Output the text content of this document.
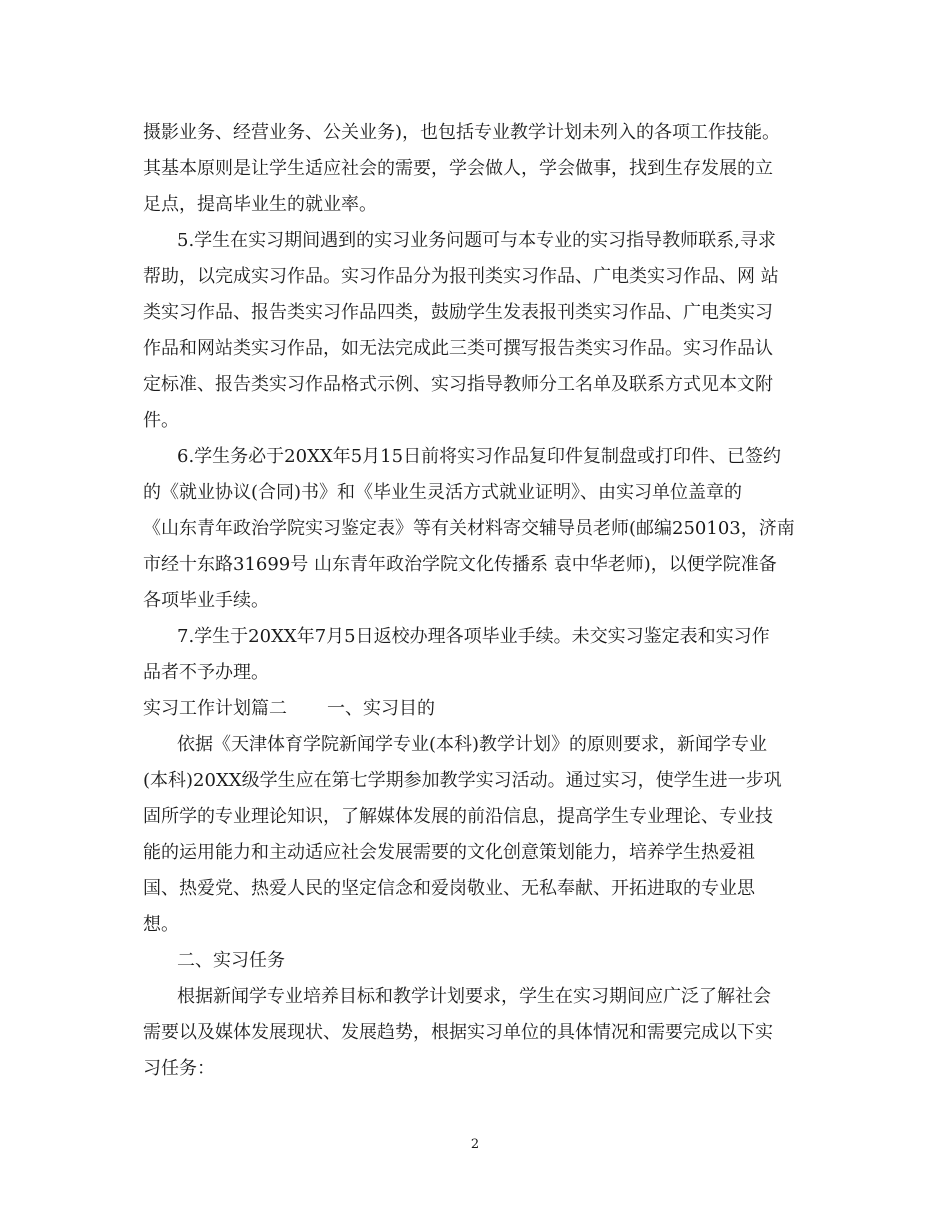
摄影业务、经营业务、公关业务)，也包括专业教学计划未列入的各项工作技能。
其基本原则是让学生适应社会的需要，学会做人，学会做事，找到生存发展的立
足点，提高毕业生的就业率。
5.学生在实习期间遇到的实习业务问题可与本专业的实习指导教师联系,寻求
帮助，以完成实习作品。实习作品分为报刊类实习作品、广电类实习作品、网 站
类实习作品、报告类实习作品四类，鼓励学生发表报刊类实习作品、广电类实习
作品和网站类实习作品，如无法完成此三类可撰写报告类实习作品。实习作品认
定标准、报告类实习作品格式示例、实习指导教师分工名单及联系方式见本文附
件。
6.学生务必于20XX年5月15日前将实习作品复印件复制盘或打印件、已签约
的《就业协议(合同)书》和《毕业生灵活方式就业证明》、由实习单位盖章的
《山东青年政治学院实习鉴定表》等有关材料寄交辅导员老师(邮编250103，济南
市经十东路31699号 山东青年政治学院文化传播系 袁中华老师)，以便学院准备
各项毕业手续。
7.学生于20XX年7月5日返校办理各项毕业手续。未交实习鉴定表和实习作
品者不予办理。
实习工作计划篇二 一、实习目的
依据《天津体育学院新闻学专业(本科)教学计划》的原则要求，新闻学专业
(本科)20XX级学生应在第七学期参加教学实习活动。通过实习，使学生进一步巩
固所学的专业理论知识，了解媒体发展的前沿信息，提高学生专业理论、专业技
能的运用能力和主动适应社会发展需要的文化创意策划能力，培养学生热爱祖
国、热爱党、热爱人民的坚定信念和爱岗敬业、无私奉献、开拓进取的专业思
想。
二、实习任务
根据新闻学专业培养目标和教学计划要求，学生在实习期间应广泛了解社会
需要以及媒体发展现状、发展趋势，根据实习单位的具体情况和需要完成以下实
习任务：
2
